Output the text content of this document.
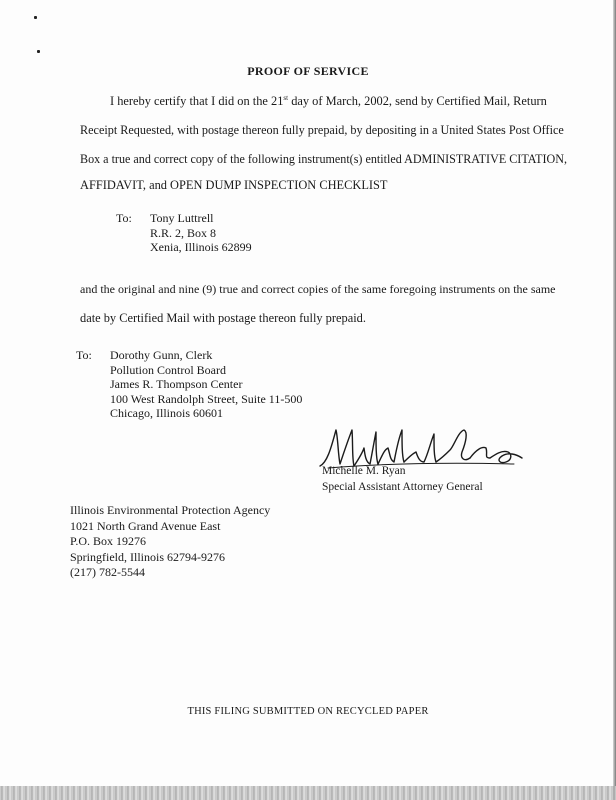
PROOF OF SERVICE
I hereby certify that I did on the 21st day of March, 2002, send by Certified Mail, Return
Receipt Requested, with postage thereon fully prepaid, by depositing in a United States Post Office
Box a true and correct copy of the following instrument(s) entitled ADMINISTRATIVE CITATION,
AFFIDAVIT, and OPEN DUMP INSPECTION CHECKLIST
To: Tony Luttrell
R.R. 2, Box 8
Xenia, Illinois 62899
and the original and nine (9) true and correct copies of the same foregoing instruments on the same
date by Certified Mail with postage thereon fully prepaid.
To: Dorothy Gunn, Clerk
Pollution Control Board
James R. Thompson Center
100 West Randolph Street, Suite 11-500
Chicago, Illinois 60601
Michelle M. Ryan
Special Assistant Attorney General
Illinois Environmental Protection Agency
1021 North Grand Avenue East
P.O. Box 19276
Springfield, Illinois 62794-9276
(217) 782-5544
THIS FILING SUBMITTED ON RECYCLED PAPER
